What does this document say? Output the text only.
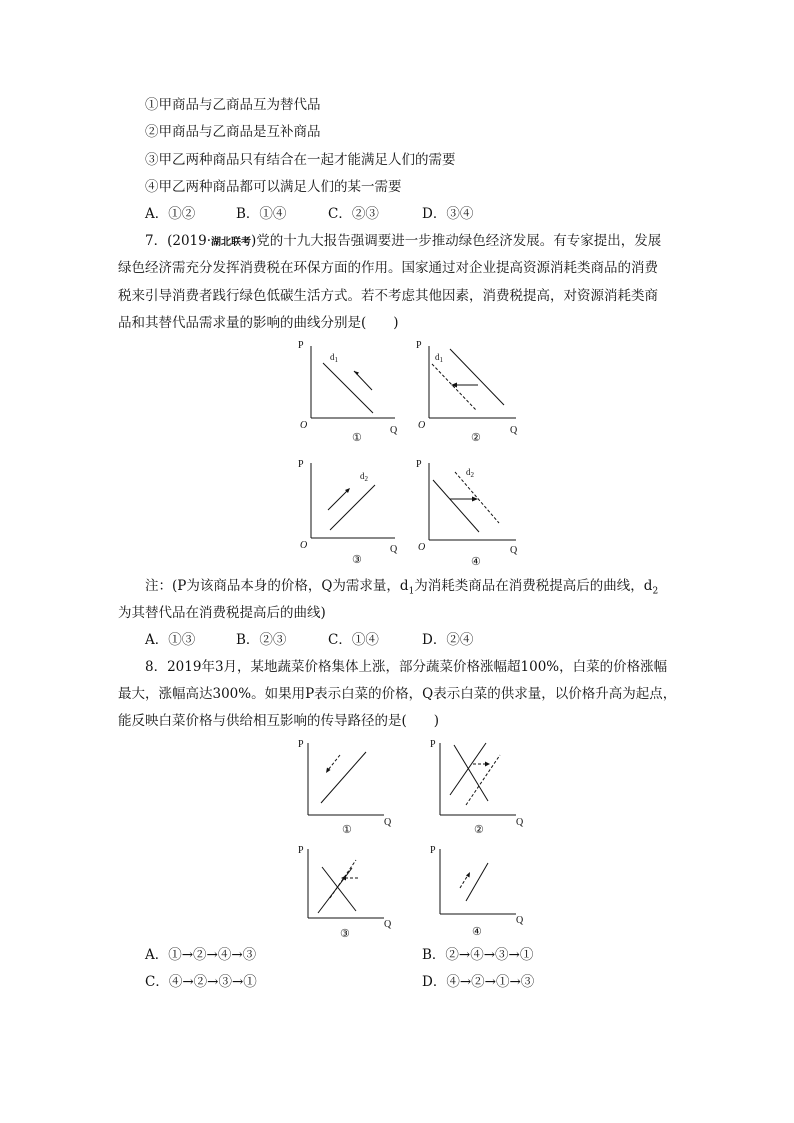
①甲商品与乙商品互为替代品
②甲商品与乙商品是互补商品
③甲乙两种商品只有结合在一起才能满足人们的需要
④甲乙两种商品都可以满足人们的某一需要
A．①②	B．①④	C．②③	D．③④
7．(2019·湖北联考)党的十九大报告强调要进一步推动绿色经济发展。有专家提出，发展
绿色经济需充分发挥消费税在环保方面的作用。国家通过对企业提高资源消耗类商品的消费
税来引导消费者践行绿色低碳生活方式。若不考虑其他因素，消费税提高，对资源消耗类商
品和其替代品需求量的影响的曲线分别是(　　)
P
Q
O
$d_1$
①
P
Q
O
$d_1$
②
P
Q
O
$d_2$
③
P
Q
O
$d_2$
④
注：(P为该商品本身的价格，Q为需求量，$d_1$为消耗类商品在消费税提高后的曲线，$d_2$
为其替代品在消费税提高后的曲线)
A．①③	B．②③	C．①④	D．②④
8．2019年3月，某地蔬菜价格集体上涨，部分蔬菜价格涨幅超100%，白菜的价格涨幅
最大，涨幅高达300%。如果用P表示白菜的价格，Q表示白菜的供求量，以价格升高为起点，
能反映白菜价格与供给相互影响的传导路径的是(　　)
P
Q
①
P
Q
②
P
Q
③
P
Q
④
A．①→②→④→③	B．②→④→③→①
C．④→②→③→①	D．④→②→①→③
